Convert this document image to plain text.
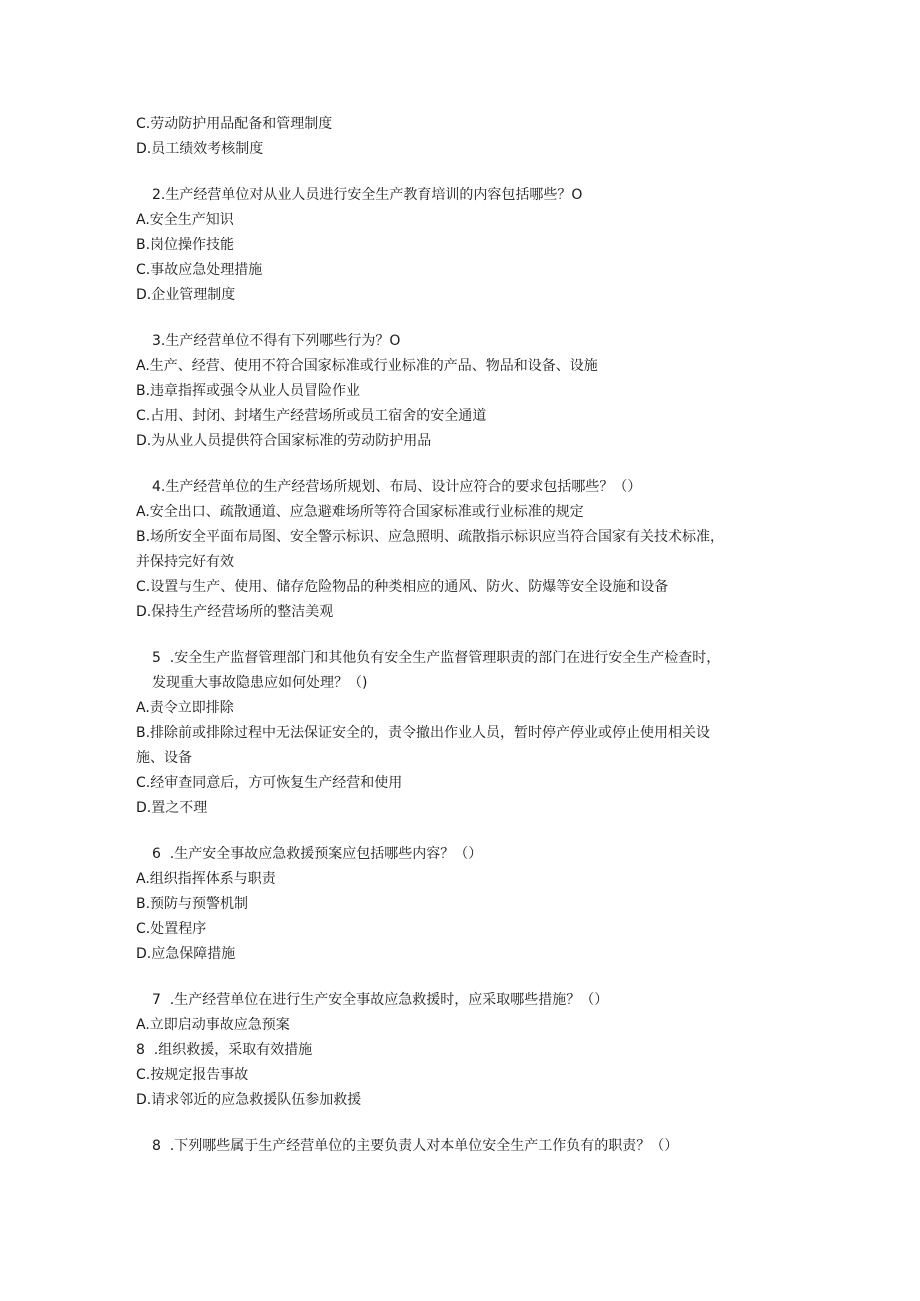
C.劳动防护用品配备和管理制度
D.员工绩效考核制度
2.生产经营单位对从业人员进行安全生产教育培训的内容包括哪些？O
A.安全生产知识
B.岗位操作技能
C.事故应急处理措施
D.企业管理制度
3.生产经营单位不得有下列哪些行为？O
A.生产、经营、使用不符合国家标准或行业标准的产品、物品和设备、设施
B.违章指挥或强令从业人员冒险作业
C.占用、封闭、封堵生产经营场所或员工宿舍的安全通道
D.为从业人员提供符合国家标准的劳动防护用品
4.生产经营单位的生产经营场所规划、布局、设计应符合的要求包括哪些？（）
A.安全出口、疏散通道、应急避难场所等符合国家标准或行业标准的规定
B.场所安全平面布局图、安全警示标识、应急照明、疏散指示标识应当符合国家有关技术标准，
并保持完好有效
C.设置与生产、使用、储存危险物品的种类相应的通风、防火、防爆等安全设施和设备
D.保持生产经营场所的整洁美观
5  .安全生产监督管理部门和其他负有安全生产监督管理职责的部门在进行安全生产检查时，
发现重大事故隐患应如何处理？（)
A.责令立即排除
B.排除前或排除过程中无法保证安全的，责令撤出作业人员，暂时停产停业或停止使用相关设
施、设备
C.经审查同意后，方可恢复生产经营和使用
D.置之不理
6  .生产安全事故应急救援预案应包括哪些内容？（）
A.组织指挥体系与职责
B.预防与预警机制
C.处置程序
D.应急保障措施
7  .生产经营单位在进行生产安全事故应急救援时，应采取哪些措施？（）
A.立即启动事故应急预案
8  .组织救援，采取有效措施
C.按规定报告事故
D.请求邻近的应急救援队伍参加救援
8  .下列哪些属于生产经营单位的主要负责人对本单位安全生产工作负有的职责？（）
